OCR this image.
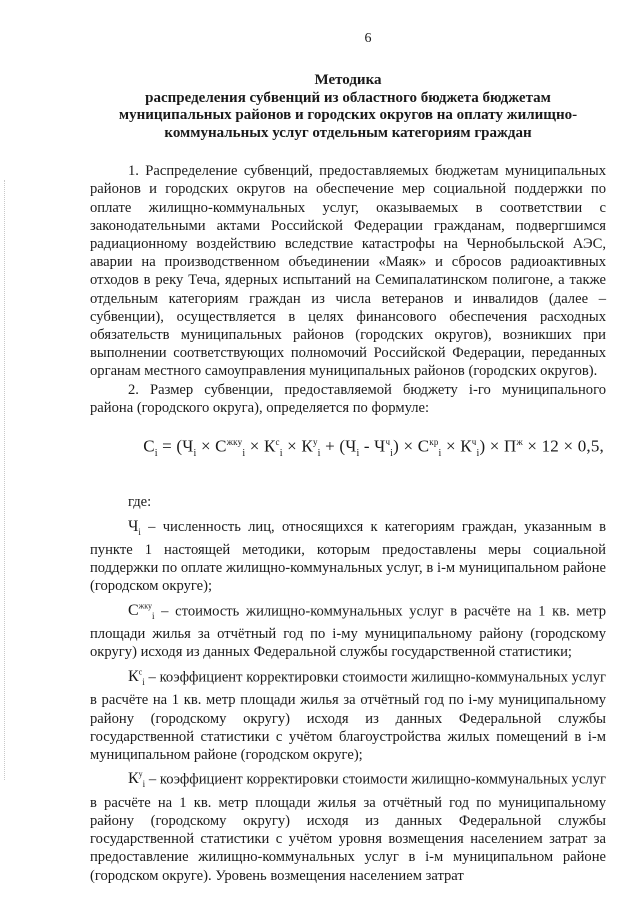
6
Методика
распределения субвенций из областного бюджета бюджетам
муниципальных районов и городских округов на оплату жилищно-
коммунальных услуг отдельным категориям граждан

1. Распределение субвенций, предоставляемых бюджетам муниципальных районов и городских округов на обеспечение мер социальной поддержки по оплате жилищно-коммунальных услуг, оказываемых в соответствии с законодательными актами Российской Федерации гражданам, подвергшимся радиационному воздействию вследствие катастрофы на Чернобыльской АЭС, аварии на производственном объединении «Маяк» и сбросов радиоактивных отходов в реку Теча, ядерных испытаний на Семипалатинском полигоне, а также отдельным категориям граждан из числа ветеранов и инвалидов (далее – субвенции), осуществляется в целях финансового обеспечения расходных обязательств муниципальных районов (городских округов), возникших при выполнении соответствующих полномочий Российской Федерации, переданных органам местного самоуправления муниципальных районов (городских округов).

2. Размер субвенции, предоставляемой бюджету i-го муниципального района (городского округа), определяется по формуле:

$С_i = (Ч_i \times С^{жку}_i \times К^с_i \times К^у_i + (Ч_i - Ч^ч_i) \times С^{кр}_i \times К^ч_i) \times П^ж \times 12 \times 0,5$,
где:

$Ч_i$ – численность лиц, относящихся к категориям граждан, указанным в пункте 1 настоящей методики, которым предоставлены меры социальной поддержки по оплате жилищно-коммунальных услуг, в i-м муниципальном районе (городском округе);

$С^{жку}_i$ – стоимость жилищно-коммунальных услуг в расчёте на 1 кв. метр площади жилья за отчётный год по i-му муниципальному району (городскому округу) исходя из данных Федеральной службы государственной статистики;

$К^с_i$ – коэффициент корректировки стоимости жилищно-коммунальных услуг в расчёте на 1 кв. метр площади жилья за отчётный год по i-му муниципальному району (городскому округу) исходя из данных Федеральной службы государственной статистики с учётом благоустройства жилых помещений в i-м муниципальном районе (городском округе);

$К^у_i$ – коэффициент корректировки стоимости жилищно-коммунальных услуг в расчёте на 1 кв. метр площади жилья за отчётный год по муниципальному району (городскому округу) исходя из данных Федеральной службы государственной статистики с учётом уровня возмещения населением затрат за предоставление жилищно-коммунальных услуг в i-м муниципальном районе (городском округе). Уровень возмещения населением затрат
